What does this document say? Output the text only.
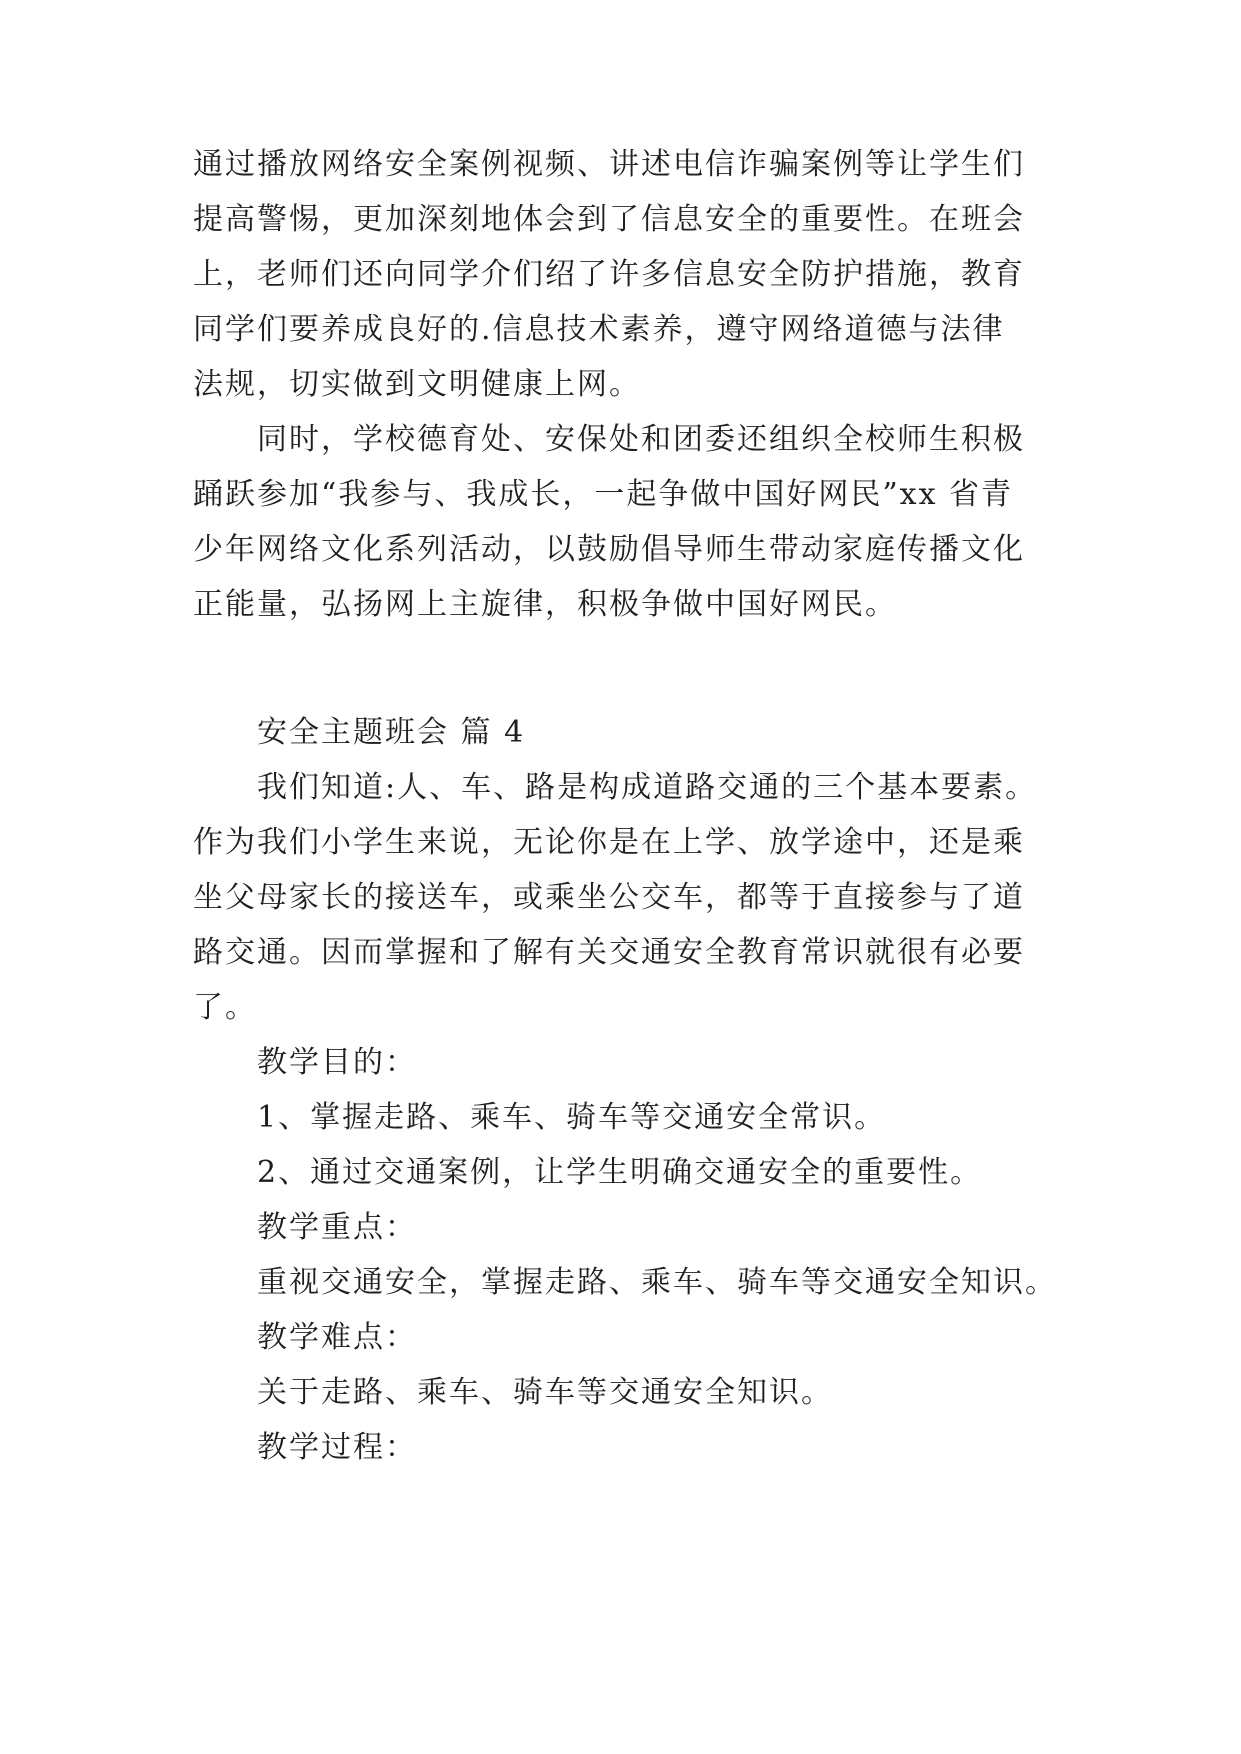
通过播放网络安全案例视频、讲述电信诈骗案例等让学生们
提高警惕，更加深刻地体会到了信息安全的重要性。在班会
上，老师们还向同学介们绍了许多信息安全防护措施，教育
同学们要养成良好的.信息技术素养，遵守网络道德与法律
法规，切实做到文明健康上网。
同时，学校德育处、安保处和团委还组织全校师生积极
踊跃参加“我参与、我成长，一起争做中国好网民”xx 省青
少年网络文化系列活动，以鼓励倡导师生带动家庭传播文化
正能量，弘扬网上主旋律，积极争做中国好网民。
安全主题班会 篇 4
我们知道:人、车、路是构成道路交通的三个基本要素。
作为我们小学生来说，无论你是在上学、放学途中，还是乘
坐父母家长的接送车，或乘坐公交车，都等于直接参与了道
路交通。因而掌握和了解有关交通安全教育常识就很有必要
了。
教学目的：
1、掌握走路、乘车、骑车等交通安全常识。
2、通过交通案例，让学生明确交通安全的重要性。
教学重点：
重视交通安全，掌握走路、乘车、骑车等交通安全知识。
教学难点：
关于走路、乘车、骑车等交通安全知识。
教学过程：
